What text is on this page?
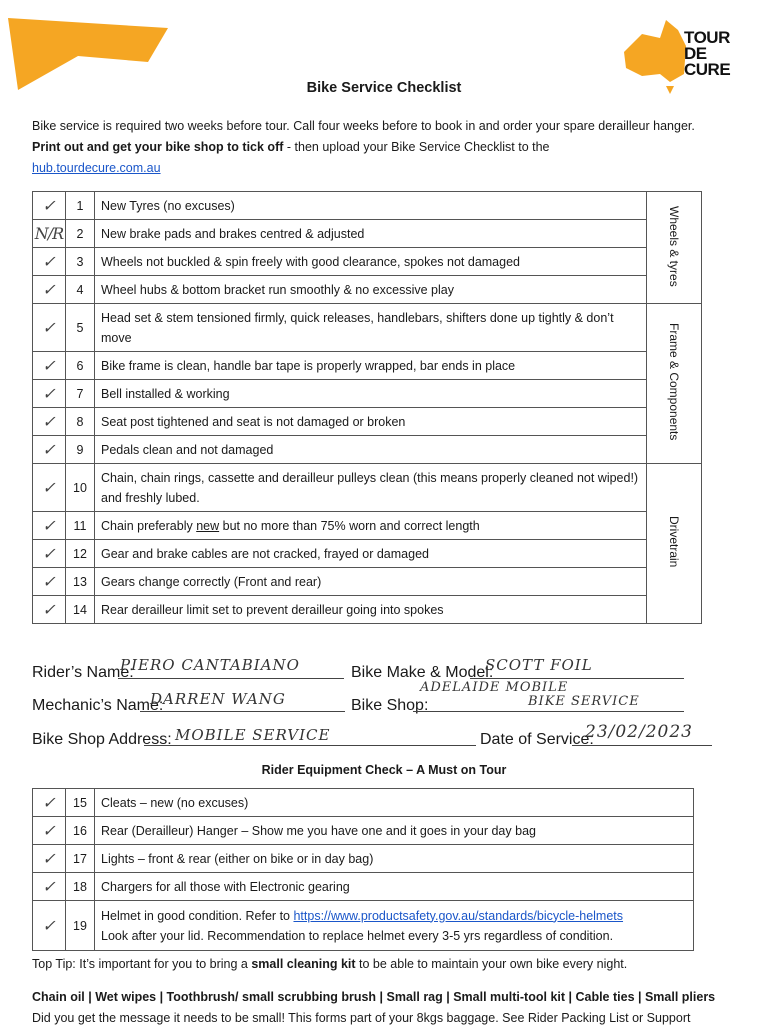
TOUR
DE
CURE
Bike Service Checklist
Bike service is required two weeks before tour. Call four weeks before to book in and order your spare derailleur hanger. Print out and get your bike shop to tick off - then upload your Bike Service Checklist to the
hub.tourdecure.com.au
✓	1	New Tyres (no excuses)	Wheels & tyres
N/R	2	New brake pads and brakes centred & adjusted	
✓	3	Wheels not buckled & spin freely with good clearance, spokes not damaged	
✓	4	Wheel hubs & bottom bracket run smoothly & no excessive play	
✓	5	Head set & stem tensioned firmly, quick releases, handlebars, shifters done up tightly & don’t move	Frame & Components
✓	6	Bike frame is clean, handle bar tape is properly wrapped, bar ends in place	
✓	7	Bell installed & working	
✓	8	Seat post tightened and seat is not damaged or broken	
✓	9	Pedals clean and not damaged	
✓	10	Chain, chain rings, cassette and derailleur pulleys clean (this means properly cleaned not wiped!) and freshly lubed.	Drivetrain
✓	11	Chain preferably new but no more than 75% worn and correct length	
✓	12	Gear and brake cables are not cracked, frayed or damaged	
✓	13	Gears change correctly (Front and rear)	
✓	14	Rear derailleur limit set to prevent derailleur going into spokes	
Rider’s Name:
PIERO CANTABIANO	Bike Make & Model:
SCOTT FOIL
Mechanic’s Name:
DARREN WANG	Bike Shop:
ADELAIDE MOBILE
BIKE SERVICE
Bike Shop Address: MOBILE SERVICE	Date of Service:
23/02/2023
Rider Equipment Check – A Must on Tour
✓	15	Cleats – new (no excuses)
✓	16	Rear (Derailleur) Hanger – Show me you have one and it goes in your day bag
✓	17	Lights – front & rear (either on bike or in day bag)
✓	18	Chargers for all those with Electronic gearing
✓	19	Helmet in good condition. Refer to https://www.productsafety.gov.au/standards/bicycle-helmets
Look after your lid. Recommendation to replace helmet every 3-5 yrs regardless of condition.
Top Tip: It’s important for you to bring a small cleaning kit to be able to maintain your own bike every night.
Chain oil | Wet wipes | Toothbrush/ small scrubbing brush | Small rag | Small multi-tool kit | Cable ties | Small pliers
Did you get the message it needs to be small! This forms part of your 8kgs baggage. See Rider Packing List or Support
